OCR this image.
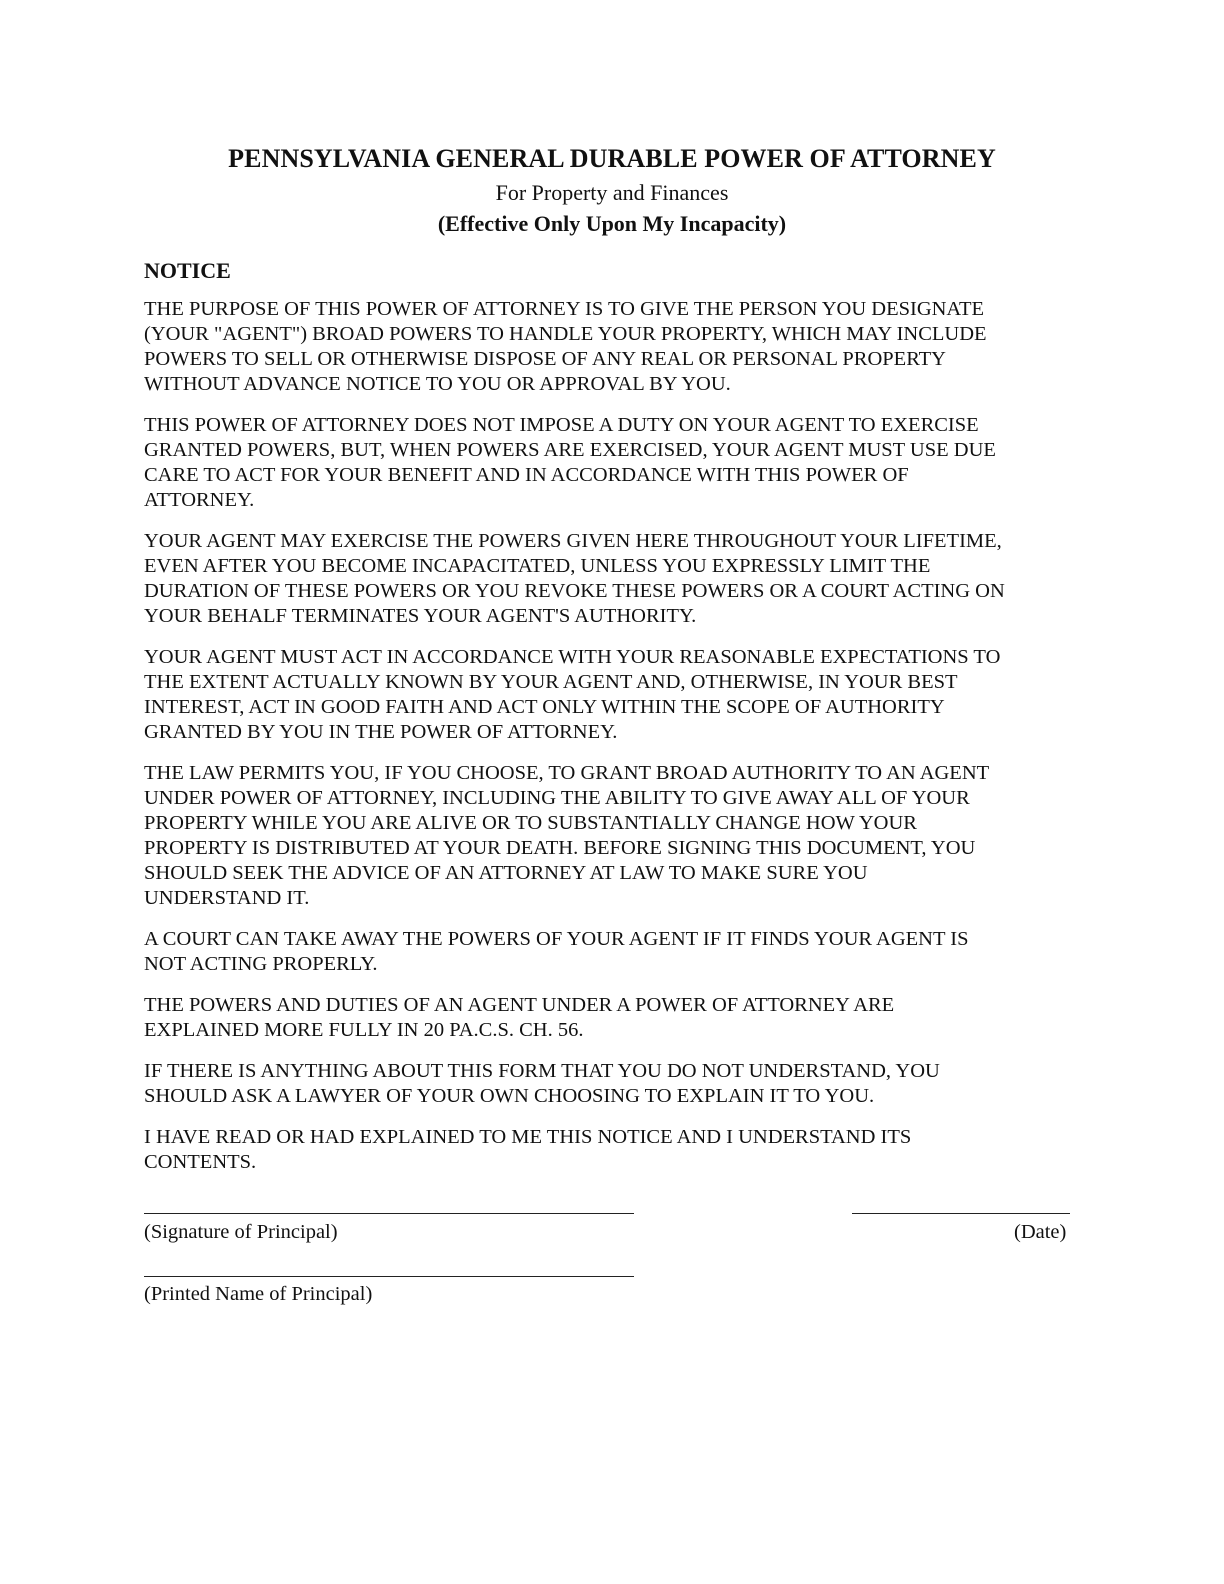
PENNSYLVANIA GENERAL DURABLE POWER OF ATTORNEY
For Property and Finances
(Effective Only Upon My Incapacity)
NOTICE

THE PURPOSE OF THIS POWER OF ATTORNEY IS TO GIVE THE PERSON YOU DESIGNATE
(YOUR "AGENT") BROAD POWERS TO HANDLE YOUR PROPERTY, WHICH MAY INCLUDE
POWERS TO SELL OR OTHERWISE DISPOSE OF ANY REAL OR PERSONAL PROPERTY
WITHOUT ADVANCE NOTICE TO YOU OR APPROVAL BY YOU.

THIS POWER OF ATTORNEY DOES NOT IMPOSE A DUTY ON YOUR AGENT TO EXERCISE
GRANTED POWERS, BUT, WHEN POWERS ARE EXERCISED, YOUR AGENT MUST USE DUE
CARE TO ACT FOR YOUR BENEFIT AND IN ACCORDANCE WITH THIS POWER OF
ATTORNEY.

YOUR AGENT MAY EXERCISE THE POWERS GIVEN HERE THROUGHOUT YOUR LIFETIME,
EVEN AFTER YOU BECOME INCAPACITATED, UNLESS YOU EXPRESSLY LIMIT THE
DURATION OF THESE POWERS OR YOU REVOKE THESE POWERS OR A COURT ACTING ON
YOUR BEHALF TERMINATES YOUR AGENT'S AUTHORITY.

YOUR AGENT MUST ACT IN ACCORDANCE WITH YOUR REASONABLE EXPECTATIONS TO
THE EXTENT ACTUALLY KNOWN BY YOUR AGENT AND, OTHERWISE, IN YOUR BEST
INTEREST, ACT IN GOOD FAITH AND ACT ONLY WITHIN THE SCOPE OF AUTHORITY
GRANTED BY YOU IN THE POWER OF ATTORNEY.

THE LAW PERMITS YOU, IF YOU CHOOSE, TO GRANT BROAD AUTHORITY TO AN AGENT
UNDER POWER OF ATTORNEY, INCLUDING THE ABILITY TO GIVE AWAY ALL OF YOUR
PROPERTY WHILE YOU ARE ALIVE OR TO SUBSTANTIALLY CHANGE HOW YOUR
PROPERTY IS DISTRIBUTED AT YOUR DEATH. BEFORE SIGNING THIS DOCUMENT, YOU
SHOULD SEEK THE ADVICE OF AN ATTORNEY AT LAW TO MAKE SURE YOU
UNDERSTAND IT.

A COURT CAN TAKE AWAY THE POWERS OF YOUR AGENT IF IT FINDS YOUR AGENT IS
NOT ACTING PROPERLY.

THE POWERS AND DUTIES OF AN AGENT UNDER A POWER OF ATTORNEY ARE
EXPLAINED MORE FULLY IN 20 PA.C.S. CH. 56.

IF THERE IS ANYTHING ABOUT THIS FORM THAT YOU DO NOT UNDERSTAND, YOU
SHOULD ASK A LAWYER OF YOUR OWN CHOOSING TO EXPLAIN IT TO YOU.

I HAVE READ OR HAD EXPLAINED TO ME THIS NOTICE AND I UNDERSTAND ITS
CONTENTS.

(Signature of Principal)	(Date)
(Printed Name of Principal)
